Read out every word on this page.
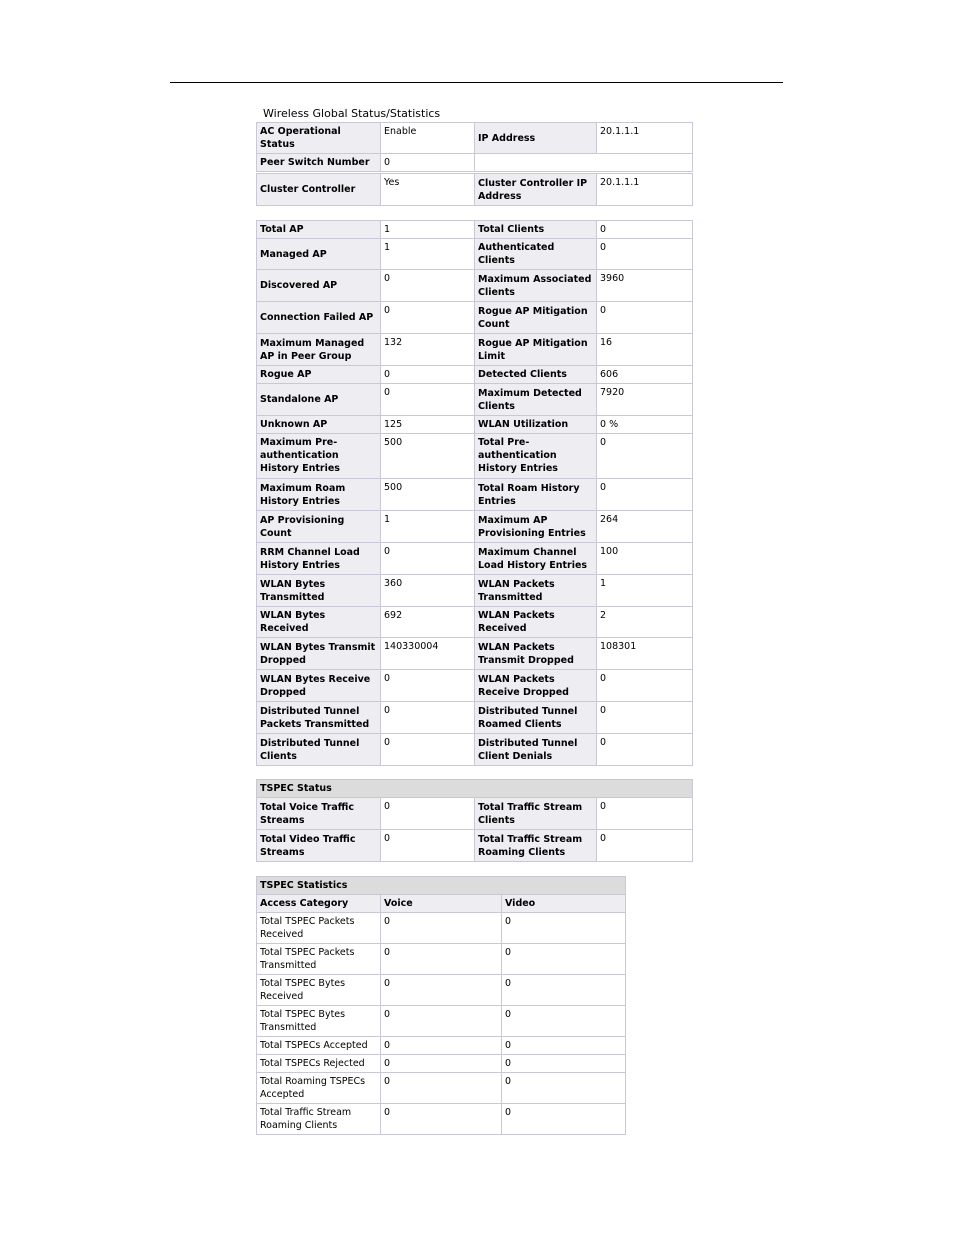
Wireless Global Status/Statistics
AC Operational Status	Enable	IP Address	20.1.1.1
Peer Switch Number	0		
Cluster Controller	Yes	Cluster Controller IP Address	20.1.1.1
Total AP	1	Total Clients	0
Managed AP	1	Authenticated Clients	0
Discovered AP	0	Maximum Associated Clients	3960
Connection Failed AP	0	Rogue AP Mitigation Count	0
Maximum Managed AP in Peer Group	132	Rogue AP Mitigation Limit	16
Rogue AP	0	Detected Clients	606
Standalone AP	0	Maximum Detected Clients	7920
Unknown AP	125	WLAN Utilization	0 %
Maximum Pre-authentication History Entries	500	Total Pre-authentication History Entries	0
Maximum Roam History Entries	500	Total Roam History Entries	0
AP Provisioning Count	1	Maximum AP Provisioning Entries	264
RRM Channel Load History Entries	0	Maximum Channel Load History Entries	100
WLAN Bytes Transmitted	360	WLAN Packets Transmitted	1
WLAN Bytes Received	692	WLAN Packets Received	2
WLAN Bytes Transmit Dropped	140330004	WLAN Packets Transmit Dropped	108301
WLAN Bytes Receive Dropped	0	WLAN Packets Receive Dropped	0
Distributed Tunnel Packets Transmitted	0	Distributed Tunnel Roamed Clients	0
Distributed Tunnel Clients	0	Distributed Tunnel Client Denials	0
TSPEC Status			
Total Voice Traffic Streams	0	Total Traffic Stream Clients	0
Total Video Traffic Streams	0	Total Traffic Stream Roaming Clients	0
TSPEC Statistics		
Access Category	Voice	Video
Total TSPEC Packets Received	0	0
Total TSPEC Packets Transmitted	0	0
Total TSPEC Bytes Received	0	0
Total TSPEC Bytes Transmitted	0	0
Total TSPECs Accepted	0	0
Total TSPECs Rejected	0	0
Total Roaming TSPECs Accepted	0	0
Total Traffic Stream Roaming Clients	0	0
